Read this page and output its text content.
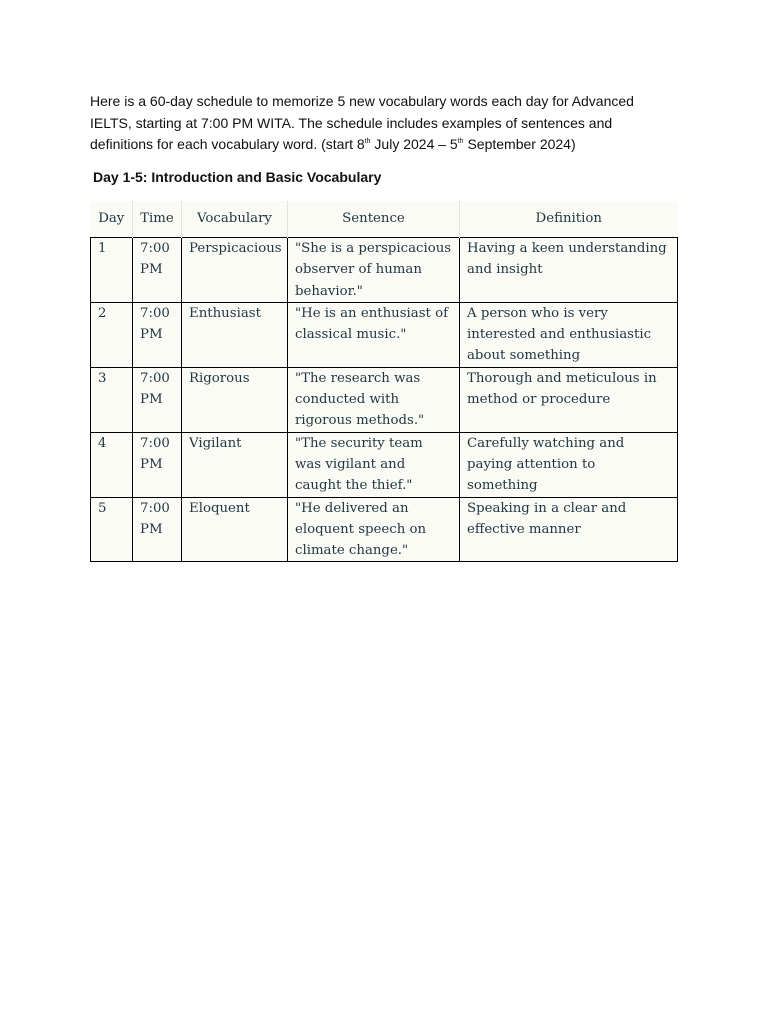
Here is a 60-day schedule to memorize 5 new vocabulary words each day for Advanced IELTS, starting at 7:00 PM WITA. The schedule includes examples of sentences and definitions for each vocabulary word. (start 8th July 2024 – 5th September 2024)

Day 1-5: Introduction and Basic Vocabulary

Day	Time	Vocabulary	Sentence	Definition
1	7:00 PM	Perspicacious	"She is a perspicacious observer of human behavior."	Having a keen understanding and insight
2	7:00 PM	Enthusiast	"He is an enthusiast of classical music."	A person who is very interested and enthusiastic about something
3	7:00 PM	Rigorous	"The research was conducted with rigorous methods."	Thorough and meticulous in method or procedure
4	7:00 PM	Vigilant	"The security team was vigilant and caught the thief."	Carefully watching and paying attention to something
5	7:00 PM	Eloquent	"He delivered an eloquent speech on climate change."	Speaking in a clear and effective manner
